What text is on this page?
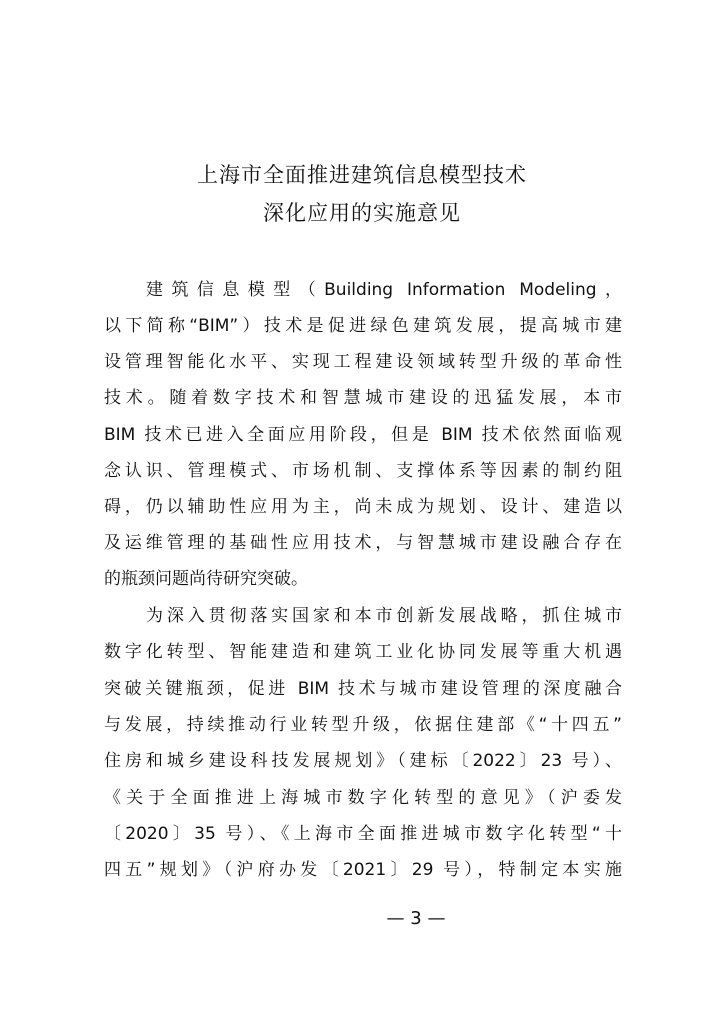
上海市全面推进建筑信息模型技术
深化应用的实施意见
建筑信息模型（Building Information Modeling，
以下简称“BIM”）技术是促进绿色建筑发展，提高城市建
设管理智能化水平、实现工程建设领域转型升级的革命性
技术。随着数字技术和智慧城市建设的迅猛发展，本市
BIM 技术已进入全面应用阶段，但是 BIM 技术依然面临观
念认识、管理模式、市场机制、支撑体系等因素的制约阻
碍，仍以辅助性应用为主，尚未成为规划、设计、建造以
及运维管理的基础性应用技术，与智慧城市建设融合存在
的瓶颈问题尚待研究突破。
为深入贯彻落实国家和本市创新发展战略，抓住城市
数字化转型、智能建造和建筑工业化协同发展等重大机遇
突破关键瓶颈，促进 BIM 技术与城市建设管理的深度融合
与发展，持续推动行业转型升级，依据住建部《“十四五”
住房和城乡建设科技发展规划》（建标〔2022〕23 号）、
《关于全面推进上海城市数字化转型的意见》（沪委发
〔2020〕35 号）、《上海市全面推进城市数字化转型“十
四五”规划》（沪府办发〔2021〕29 号），特制定本实施
— 3 —
